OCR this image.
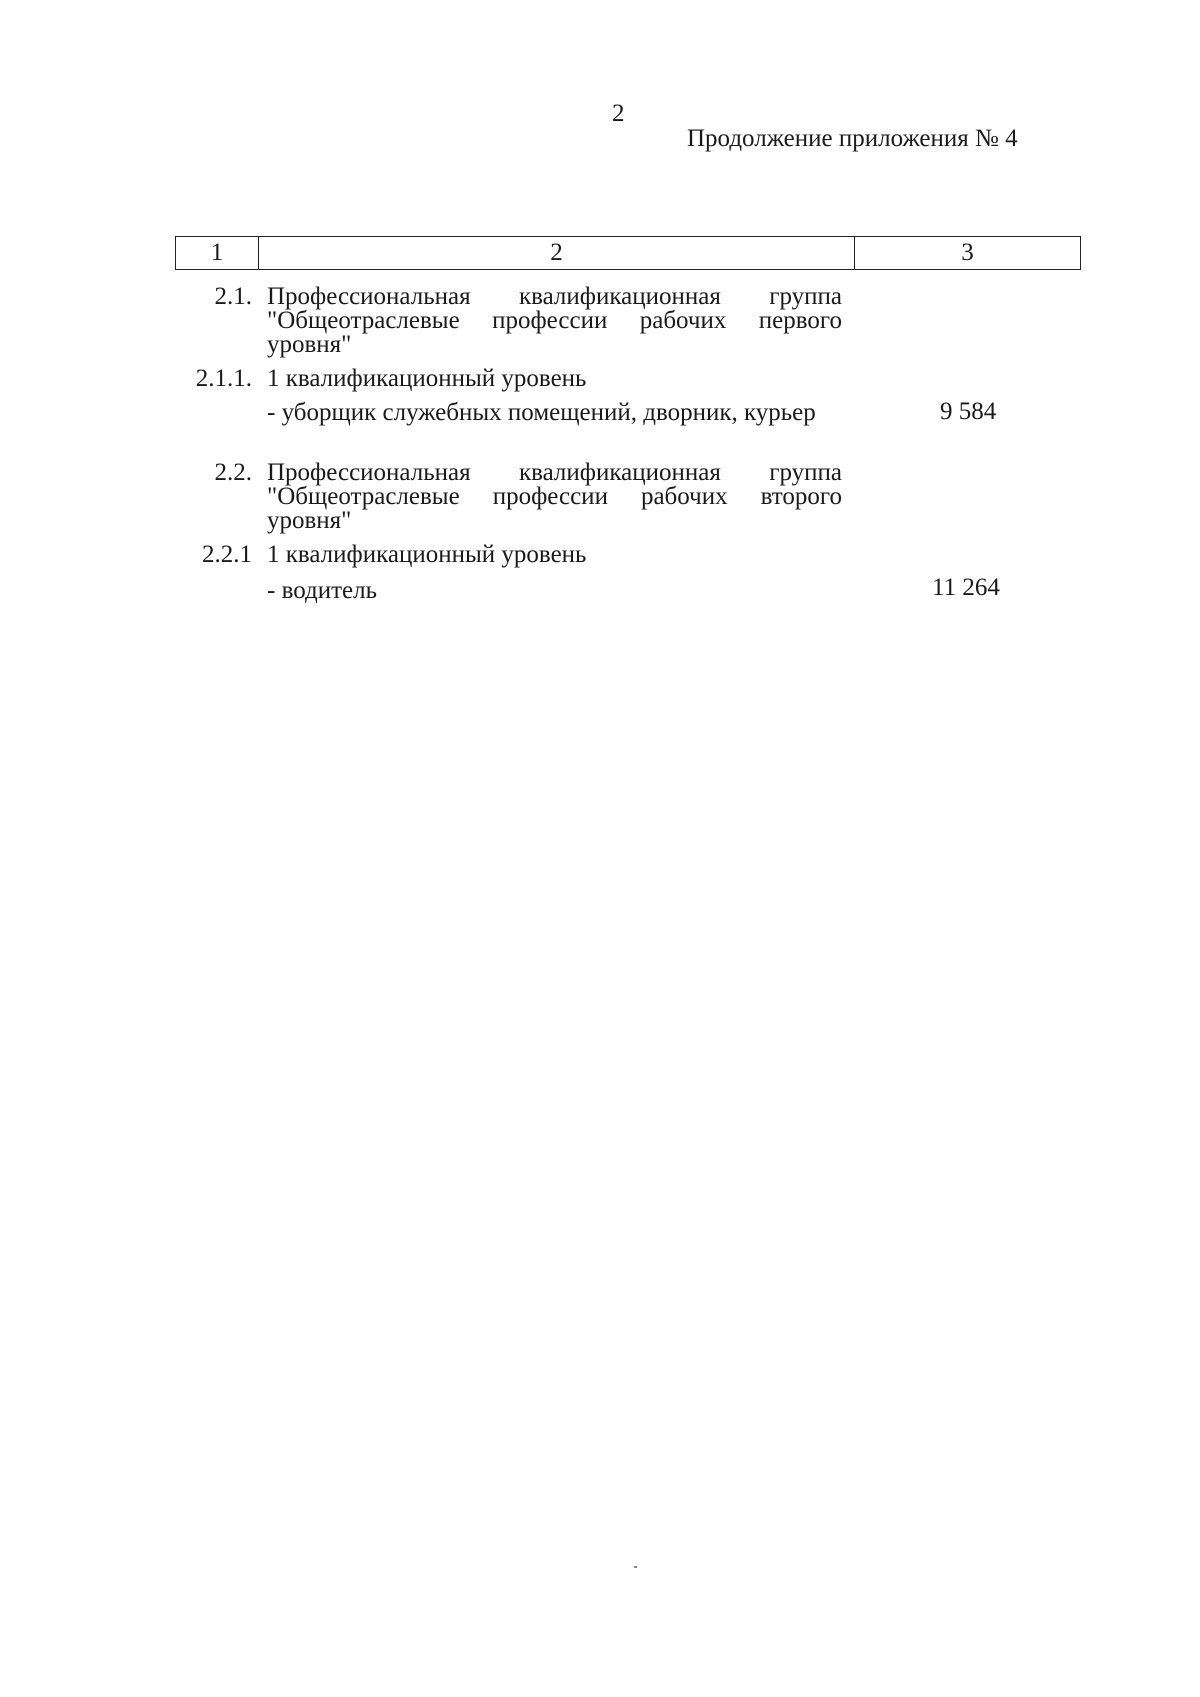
2
Продолжение приложения № 4
1	2	3
2.1. Профессиональная квалификационная группа "Общеотраслевые профессии рабочих первого уровня"
2.1.1. 1 квалификационный уровень
- уборщик служебных помещений, дворник, курьер	9 584
2.2. Профессиональная квалификационная группа "Общеотраслевые профессии рабочих второго уровня"
2.2.1 1 квалификационный уровень
- водитель	11 264
